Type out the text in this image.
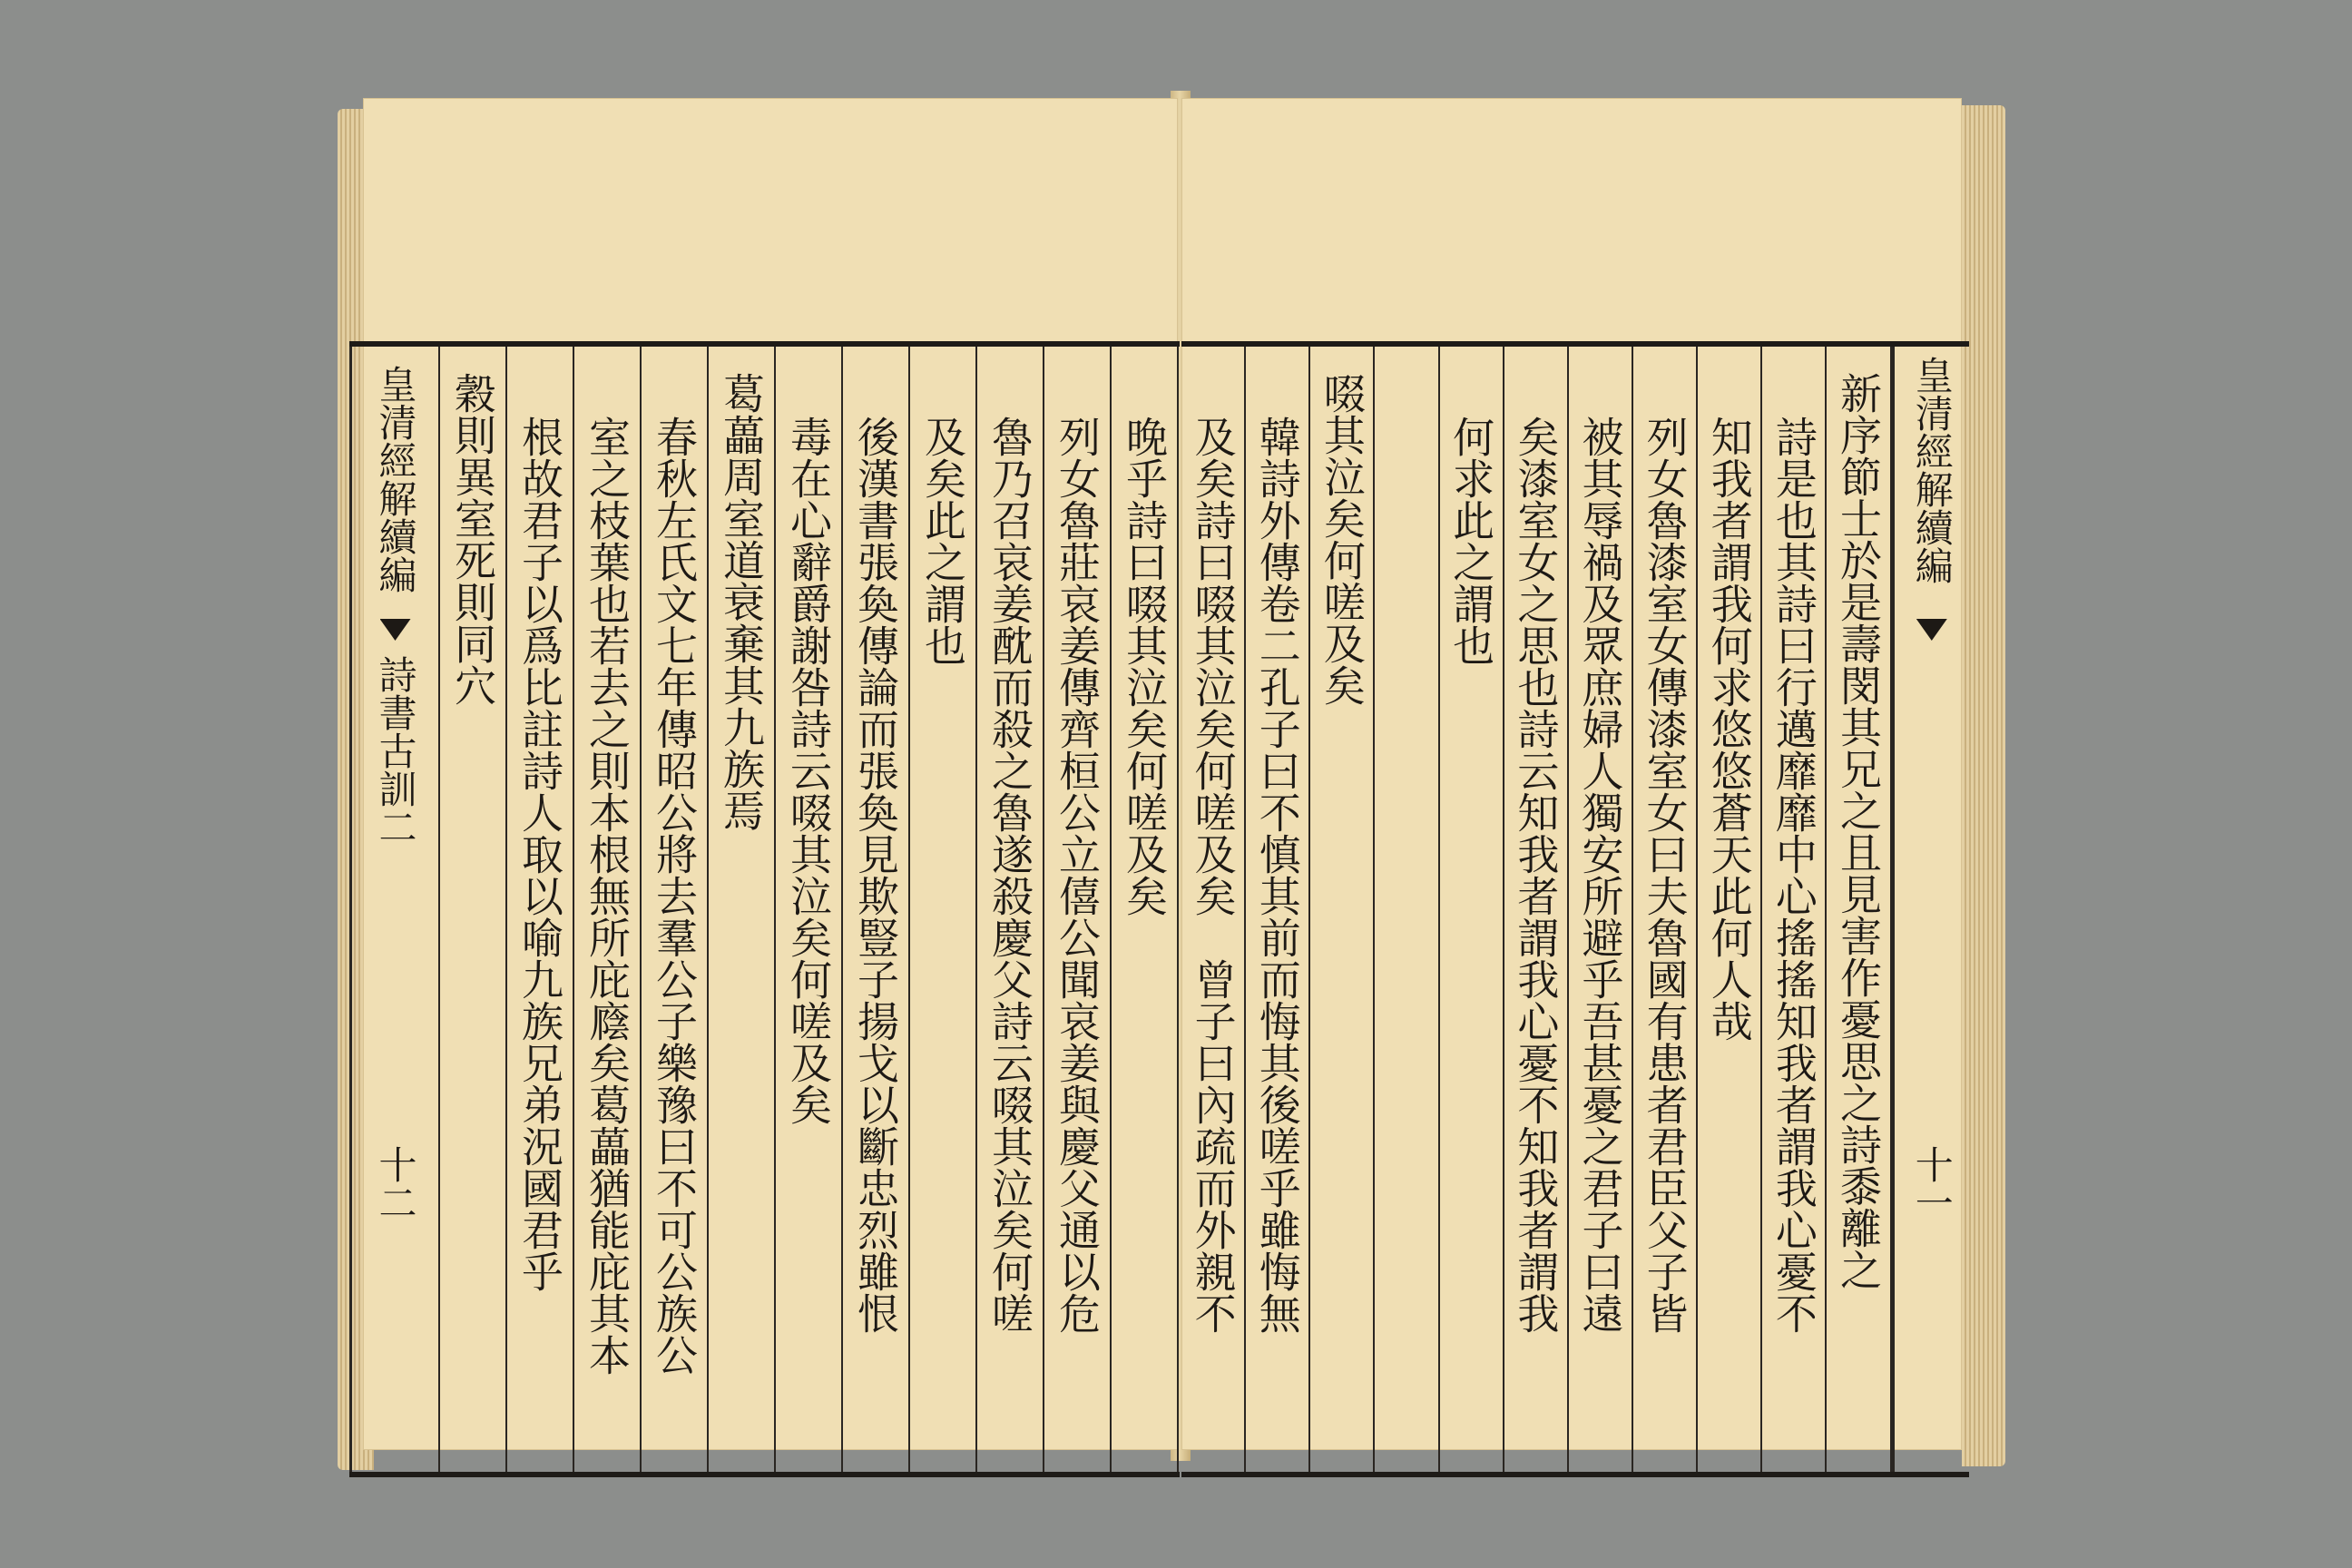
皇清經解續編
詩書古訓二
十二
穀則異室死則同穴 根故君子以爲比註詩人取以喻九族兄弟況國君乎 室之枝葉也若去之則本根無所庇廕矣葛藟猶能庇其本 春秋左氏文七年傳昭公將去羣公子樂豫曰不可公族公 葛藟周室道衰棄其九族焉 毒在心辭爵謝咎詩云啜其泣矣何嗟及矣 後漢書張奐傳論而張奐見欺豎子揚戈以斷忠烈雖恨 及矣此之謂也 魯乃召哀姜酖而殺之魯遂殺慶父詩云啜其泣矣何嗟 列女魯莊哀姜傳齊桓公立僖公聞哀姜與慶父通以危 晚乎詩曰啜其泣矣何嗟及矣	皇清經解續編
十一
新序節士於是壽閔其兄之且見害作憂思之詩黍離之
詩是也其詩曰行邁靡靡中心搖搖知我者謂我心憂不
知我者謂我何求悠悠蒼天此何人哉
列女魯漆室女傳漆室女曰夫魯國有患者君臣父子皆
被其辱禍及眾庶婦人獨安所避乎吾甚憂之君子曰遠
矣漆室女之思也詩云知我者謂我心憂不知我者謂我
何求此之謂也
啜其泣矣何嗟及矣
韓詩外傳卷二孔子曰不慎其前而悔其後嗟乎雖悔無
及矣詩曰啜其泣矣何嗟及矣　曾子曰內疏而外親不
